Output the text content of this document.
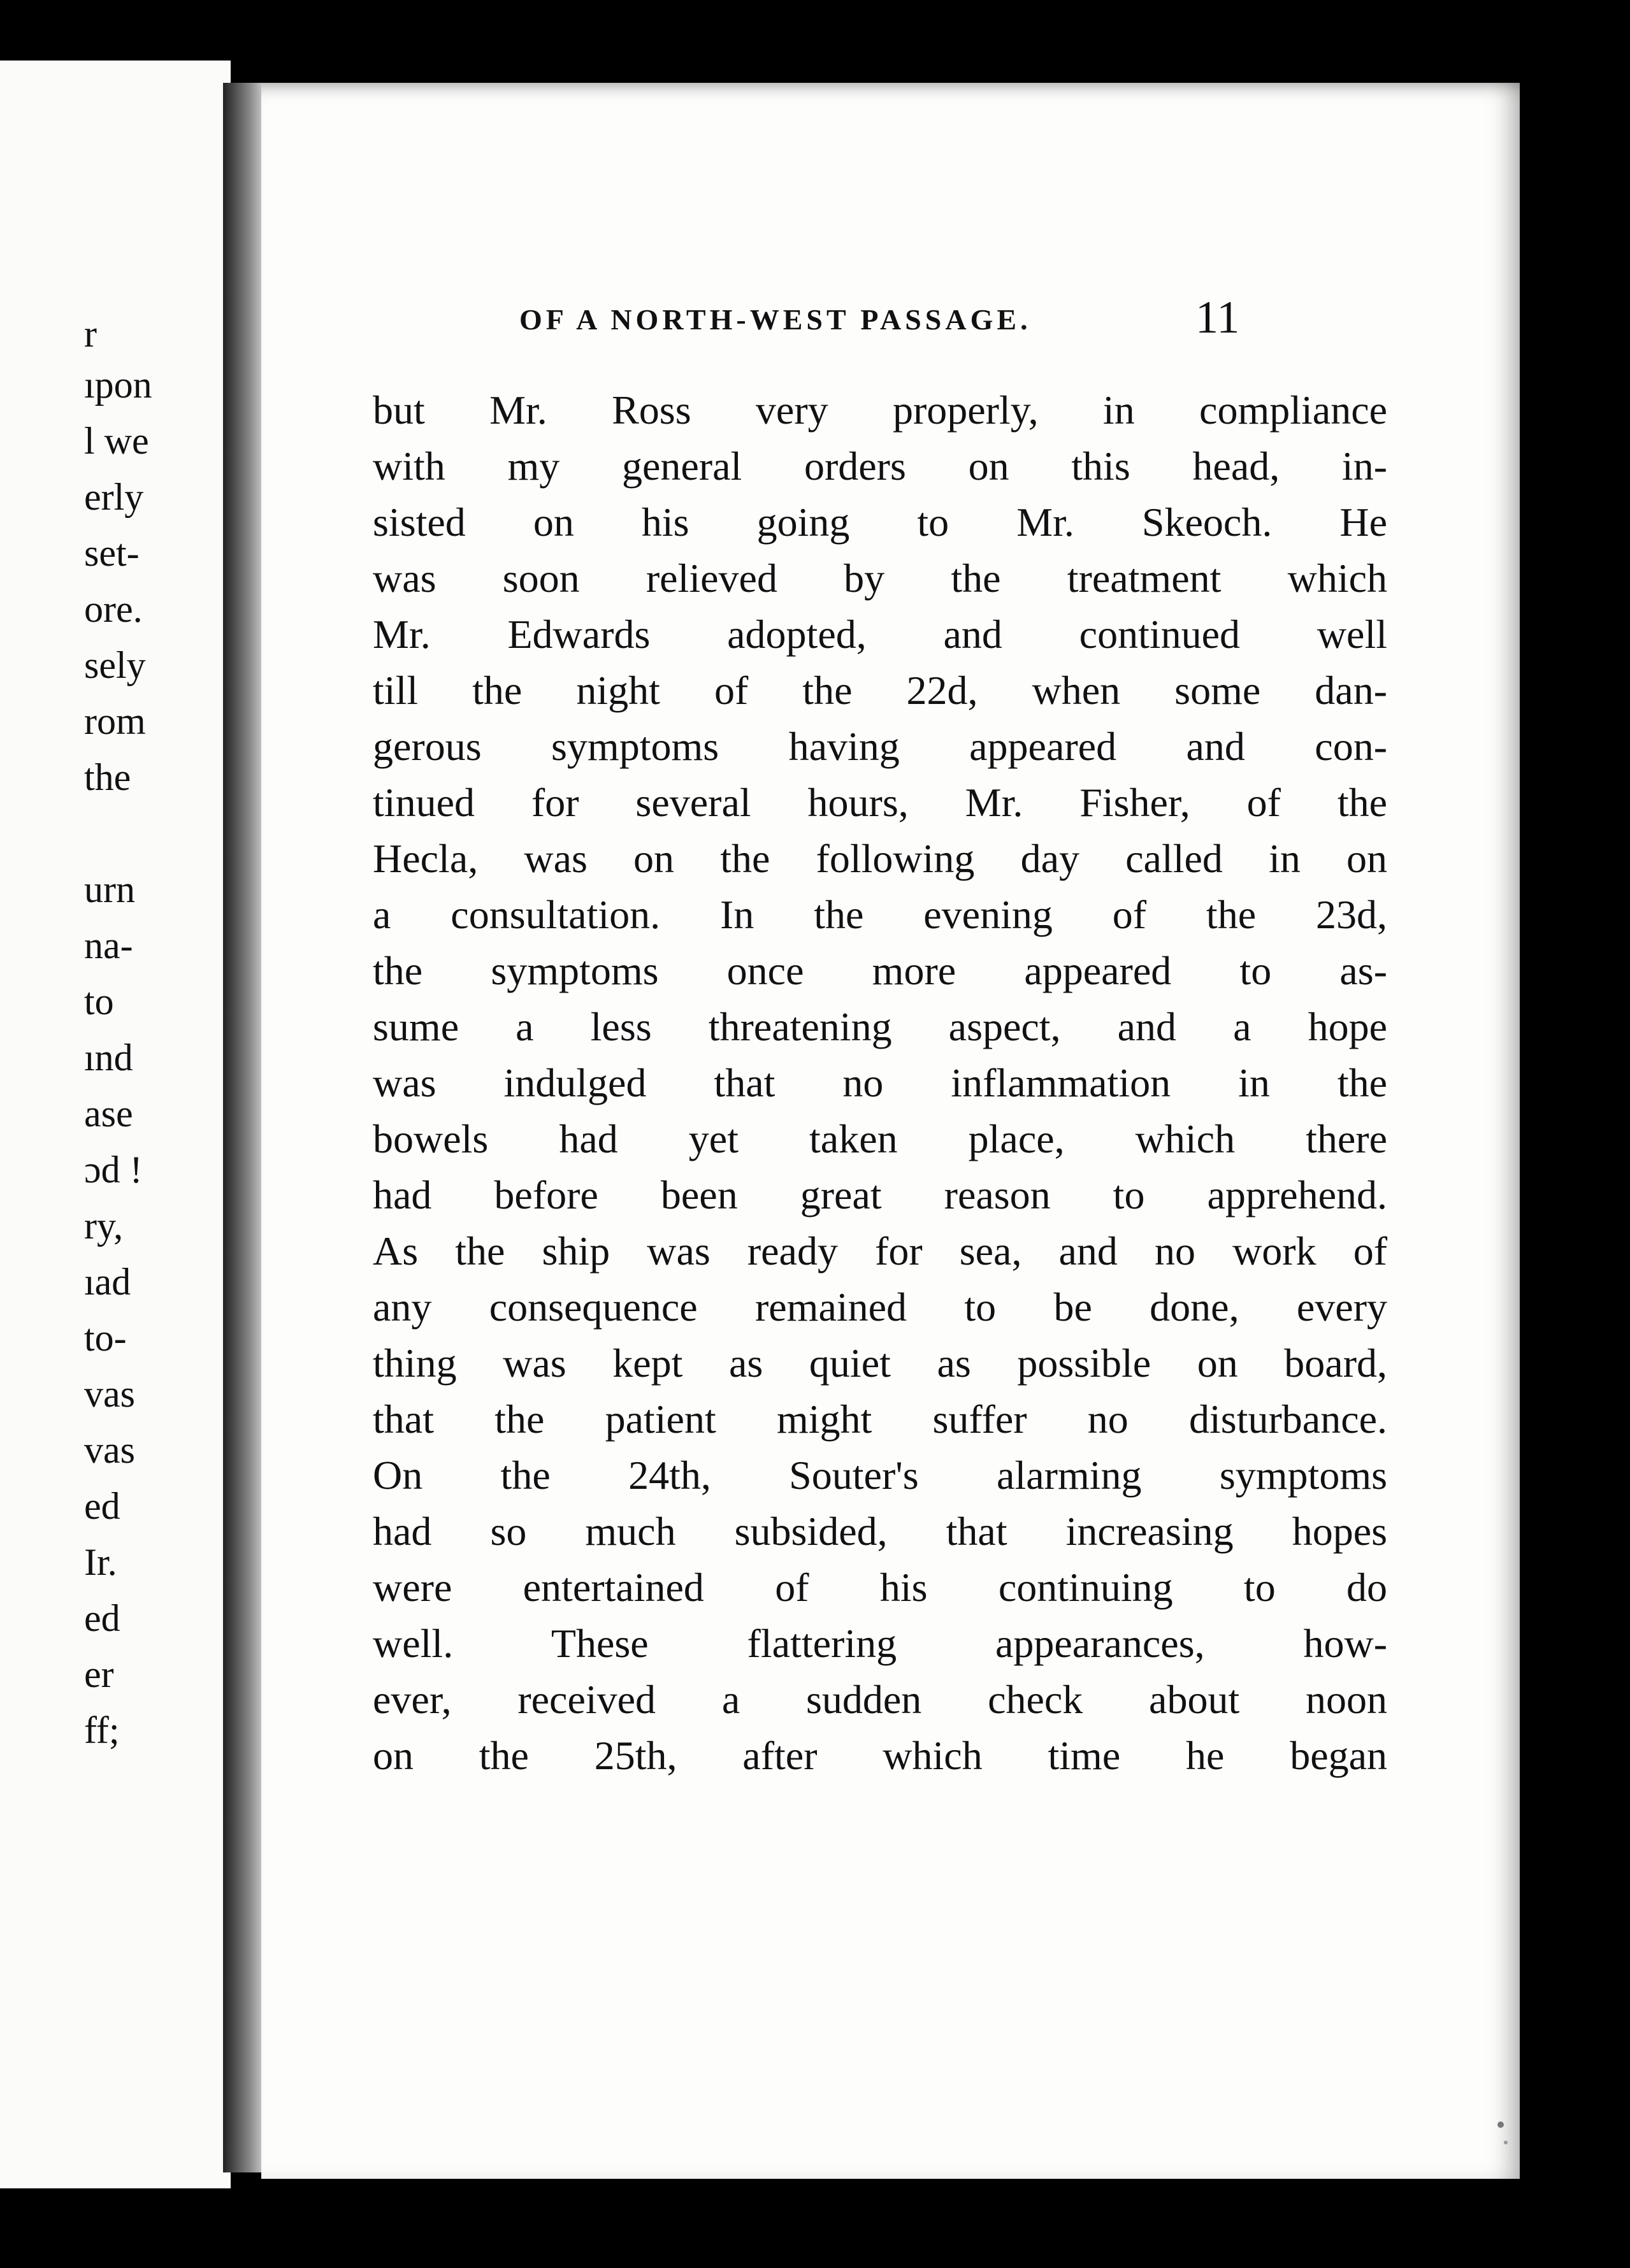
r
ıpon
l we
erly
set-
ore.
sely
rom
the
urn
na-
to
ınd
ase
ɔd !
ry,
ıad
to-
vas
vas
ed
Ir.
ed
er
ff;
OF A NORTH-WEST PASSAGE.	11
but Mr. Ross very properly, in compliance
with my general orders on this head, in-
sisted on his going to Mr. Skeoch. He
was soon relieved by the treatment which
Mr. Edwards adopted, and continued well
till the night of the 22d, when some dan-
gerous symptoms having appeared and con-
tinued for several hours, Mr. Fisher, of the
Hecla, was on the following day called in on
a consultation. In the evening of the 23d,
the symptoms once more appeared to as-
sume a less threatening aspect, and a hope
was indulged that no inflammation in the
bowels had yet taken place, which there
had before been great reason to apprehend.
As the ship was ready for sea, and no work of
any consequence remained to be done, every
thing was kept as quiet as possible on board,
that the patient might suffer no disturbance.
On the 24th, Souter's alarming symptoms
had so much subsided, that increasing hopes
were entertained of his continuing to do
well. These flattering appearances, how-
ever, received a sudden check about noon
on the 25th, after which time he began
